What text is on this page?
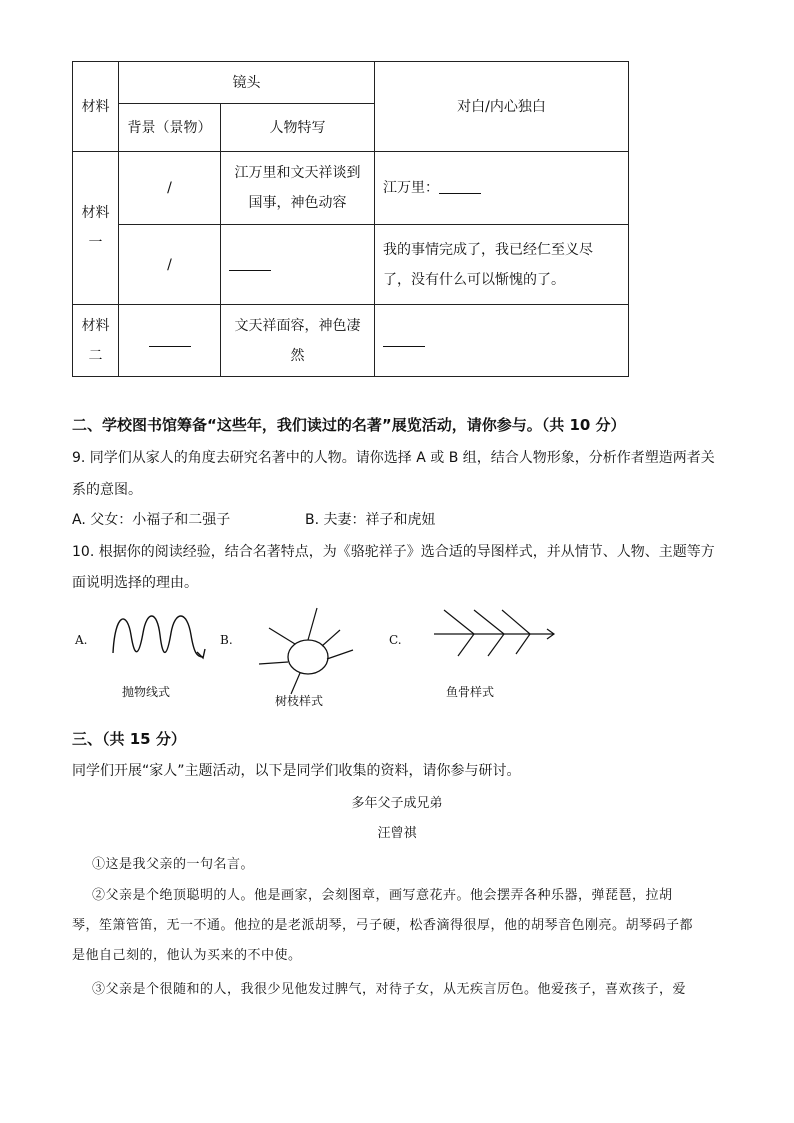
材料	镜头		对白/内心独白
	背景（景物）	人物特写	
材料一	/	江万里和文天祥谈到国事，神色动容	江万里：
	/		我的事情完成了，我已经仁至义尽了，没有什么可以惭愧的了。
材料二		文天祥面容，神色凄然	
二、学校图书馆筹备“这些年，我们读过的名著”展览活动，请你参与。（共 10 分）
9. 同学们从家人的角度去研究名著中的人物。请你选择 A 或 B 组，结合人物形象，分析作者塑造两者关
系的意图。
A. 父女：小福子和二强子	B. 夫妻：祥子和虎妞
10. 根据你的阅读经验，结合名著特点，为《骆驼祥子》选合适的导图样式，并从情节、人物、主题等方
面说明选择的理由。
A.	B.	C.
抛物线式
树枝样式
鱼骨样式
三、（共 15 分）
同学们开展“家人”主题活动，以下是同学们收集的资料，请你参与研讨。
多年父子成兄弟
汪曾祺
①这是我父亲的一句名言。
②父亲是个绝顶聪明的人。他是画家，会刻图章，画写意花卉。他会摆弄各种乐器，弹琵琶，拉胡
琴，笙箫管笛，无一不通。他拉的是老派胡琴，弓子硬，松香滴得很厚，他的胡琴音色刚亮。胡琴码子都
是他自己刻的，他认为买来的不中使。
③父亲是个很随和的人，我很少见他发过脾气，对待子女，从无疾言厉色。他爱孩子，喜欢孩子，爱
